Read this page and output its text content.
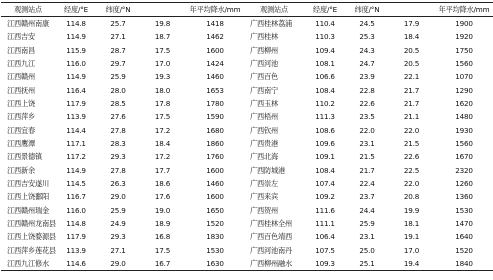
观测站点	经度/°E	纬度/°N		年平均降水/mm	观测站点	经度/°E	纬度/°N		年平均降水/mm
江西赣州南康	114.8	25.7	19.8	1418	广西桂林荔浦	110.4	24.5	17.9	1900
江西吉安	114.9	27.1	18.7	1462	广西桂林	110.3	25.3	18.4	1920
江西南昌	115.9	28.7	17.5	1600	广西柳州	109.4	24.3	20.5	1750
江西九江	116.0	29.7	17.0	1424	广西河池	108.1	24.7	20.5	1560
江西赣州	114.9	25.9	19.3	1460	广西百色	106.6	23.9	22.1	1070
江西抚州	116.4	28.0	18.0	1653	广西南宁	108.4	22.8	21.7	1290
江西上饶	117.9	28.5	17.8	1780	广西玉林	110.2	22.6	21.7	1620
江西萍乡	113.9	27.6	17.5	1590	广西梧州	111.3	23.5	21.1	1480
江西宜春	114.4	27.8	17.2	1680	广西钦州	108.6	22.0	22.0	1930
江西鹰潭	117.1	28.3	18.4	1860	广西贵港	109.6	23.1	21.5	1560
江西景德镇	117.2	29.3	17.2	1760	广西北海	109.1	21.5	22.6	1670
江西新余	114.9	27.8	17.7	1600	广西防城港	108.4	21.7	22.5	2320
江西吉安遂川	114.5	26.3	18.6	1460	广西崇左	107.4	22.4	22.0	1260
江西上饶鄱阳	116.7	29.0	17.6	1600	广西来宾	109.2	23.7	20.8	1360
江西赣州瑞金	116.0	25.9	19.0	1650	广西贺州	111.6	24.4	19.9	1530
江西赣州龙南县	114.8	24.9	18.9	1520	广西桂林全州	111.1	25.9	18.1	1470
江西上饶婺源县	117.9	29.3	16.8	1830	广西百色靖西	106.4	23.1	19.1	1640
江西萍乡莲花县	113.9	27.1	17.5	1530	广西河池南丹	107.5	25.0	17.0	1520
江西九江修水	114.6	29.0	16.7	1630	广西柳州融水	109.3	25.1	19.4	1840
